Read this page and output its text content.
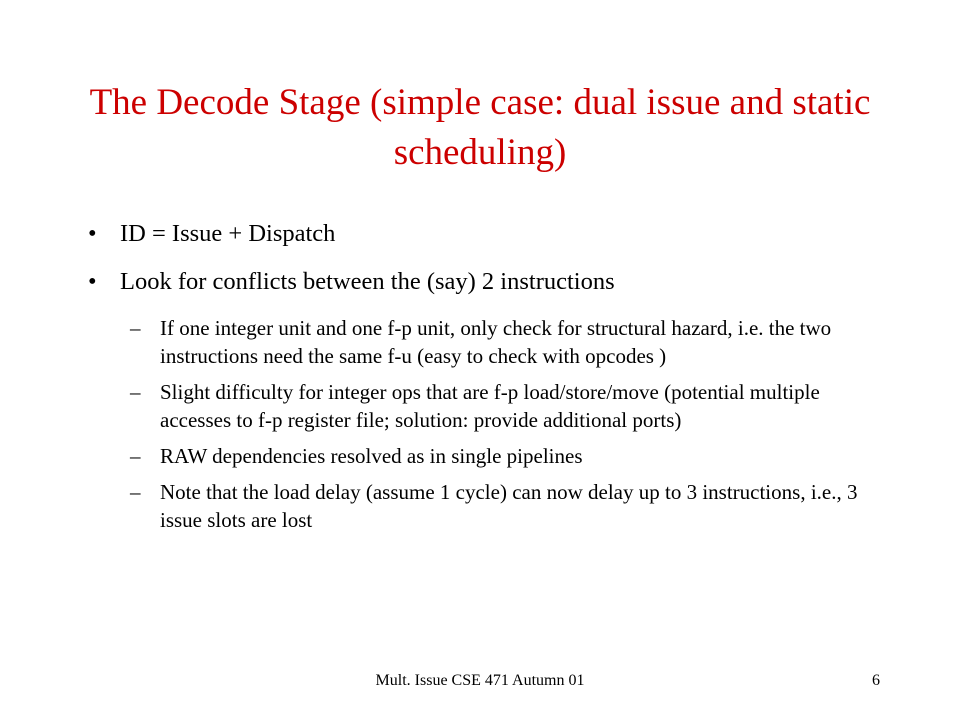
The Decode Stage (simple case: dual issue and static scheduling)
• ID = Issue + Dispatch
• Look for conflicts between the (say) 2 instructions
– If one integer unit and one f-p unit, only check for structural hazard, i.e. the two instructions need the same f-u (easy to check with opcodes )
– Slight difficulty for integer ops that are f-p load/store/move (potential multiple accesses to f-p register file; solution: provide additional ports)
– RAW dependencies resolved as in single pipelines
– Note that the load delay (assume 1 cycle) can now delay up to 3 instructions, i.e., 3 issue slots are lost
Mult. Issue CSE 471 Autumn 01	6
